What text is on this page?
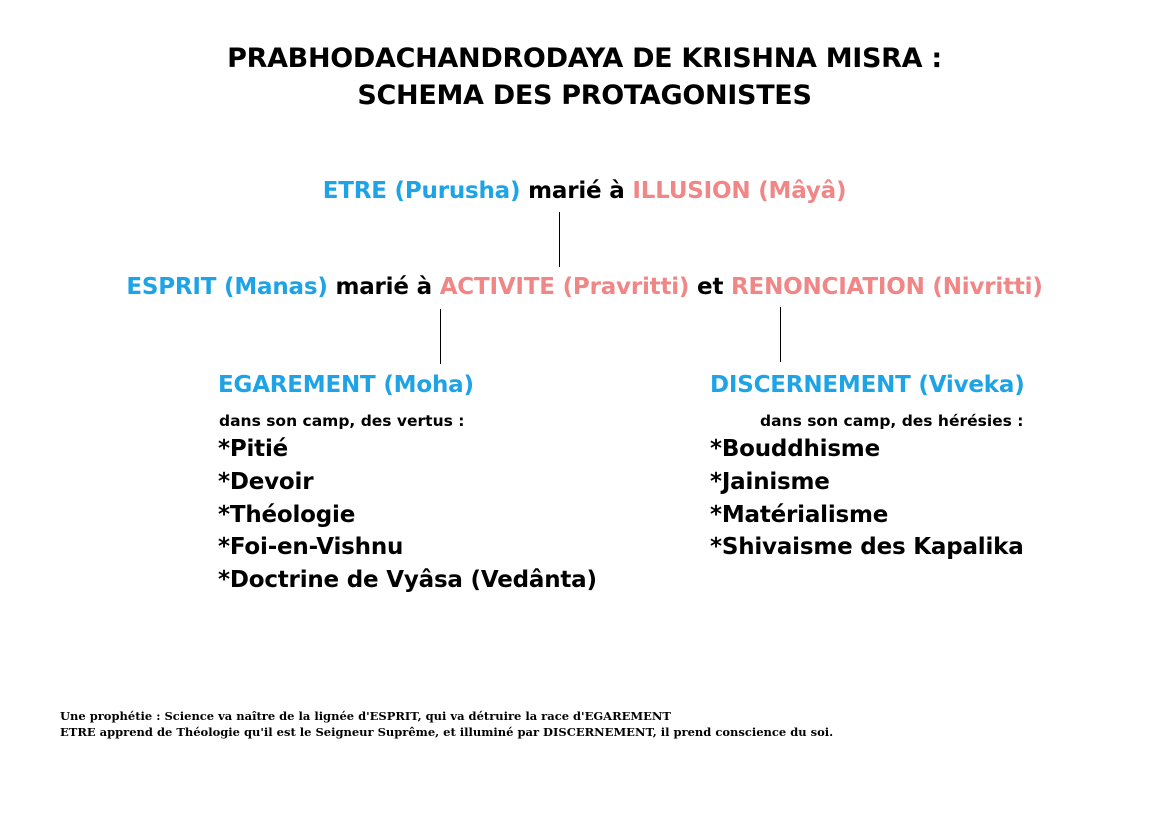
PRABHODACHANDRODAYA DE KRISHNA MISRA :
SCHEMA DES PROTAGONISTES
ETRE (Purusha) marié à ILLUSION (Mâyâ)
ESPRIT (Manas) marié à ACTIVITE (Pravritti) et RENONCIATION (Nivritti)
EGAREMENT (Moha)
dans son camp, des vertus :
*Pitié
*Devoir
*Théologie
*Foi-en-Vishnu
*Doctrine de Vyâsa (Vedânta)
DISCERNEMENT (Viveka)
dans son camp, des hérésies :
*Bouddhisme
*Jainisme
*Matérialisme
*Shivaisme des Kapalika
Une prophétie : Science va naître de la lignée d'ESPRIT, qui va détruire la race d'EGAREMENT
ETRE apprend de Théologie qu'il est le Seigneur Suprême, et illuminé par DISCERNEMENT, il prend conscience du soi.
